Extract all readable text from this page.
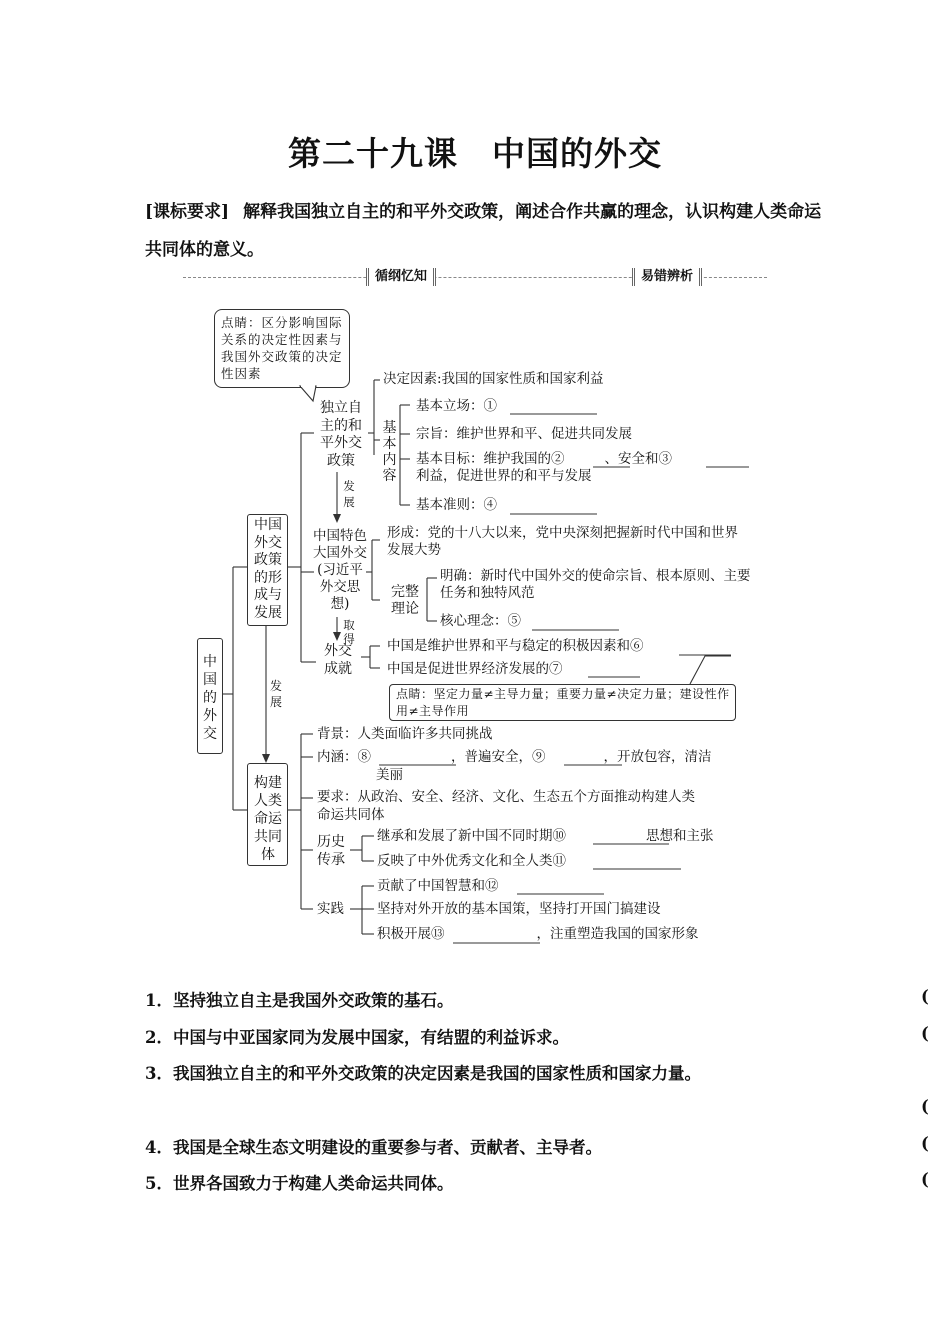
第二十九课　中国的外交
[课标要求] 解释我国独立自主的和平外交政策，阐述合作共赢的理念，认识构建人类命运共同体的意义。
循纲忆知	易错辨析
点睛：区分影响国际关系的决定性因素与我国外交政策的决定性因素
中国的外交
中国外交政策的形成与发展
构建人类命运共同体
发展
独立自主的和平外交政策
发展
决定因素:我国的国家性质和国家利益
基本内容
基本立场：①
宗旨：维护世界和平、促进共同发展
基本目标：维护我国的②	、安全和③
利益，促进世界的和平与发展
基本准则：④
中国特色大国外交(习近平外交思想)
形成：党的十八大以来，党中央深刻把握新时代中国和世界发展大势
完整理论
明确：新时代中国外交的使命宗旨、根本原则、主要任务和独特风范
核心理念：⑤
取得
外交成就
中国是维护世界和平与稳定的积极因素和⑥
中国是促进世界经济发展的⑦
点睛：坚定力量≠主导力量；重要力量≠决定力量；建设性作用≠主导作用
背景：人类面临许多共同挑战
内涵：⑧	，普遍安全，⑨	，开放包容，清洁
美丽
要求：从政治、安全、经济、文化、生态五个方面推动构建人类
命运共同体
历史传承
继承和发展了新中国不同时期⑩	思想和主张
反映了中外优秀文化和全人类⑪
实践
贡献了中国智慧和⑫
坚持对外开放的基本国策，坚持打开国门搞建设
积极开展⑬	，注重塑造我国的国家形象
1．坚持独立自主是我国外交政策的基石。	(
2．中国与中亚国家同为发展中国家，有结盟的利益诉求。	(
3．我国独立自主的和平外交政策的决定因素是我国的国家性质和国家力量。
(
4．我国是全球生态文明建设的重要参与者、贡献者、主导者。	(
5．世界各国致力于构建人类命运共同体。	(
